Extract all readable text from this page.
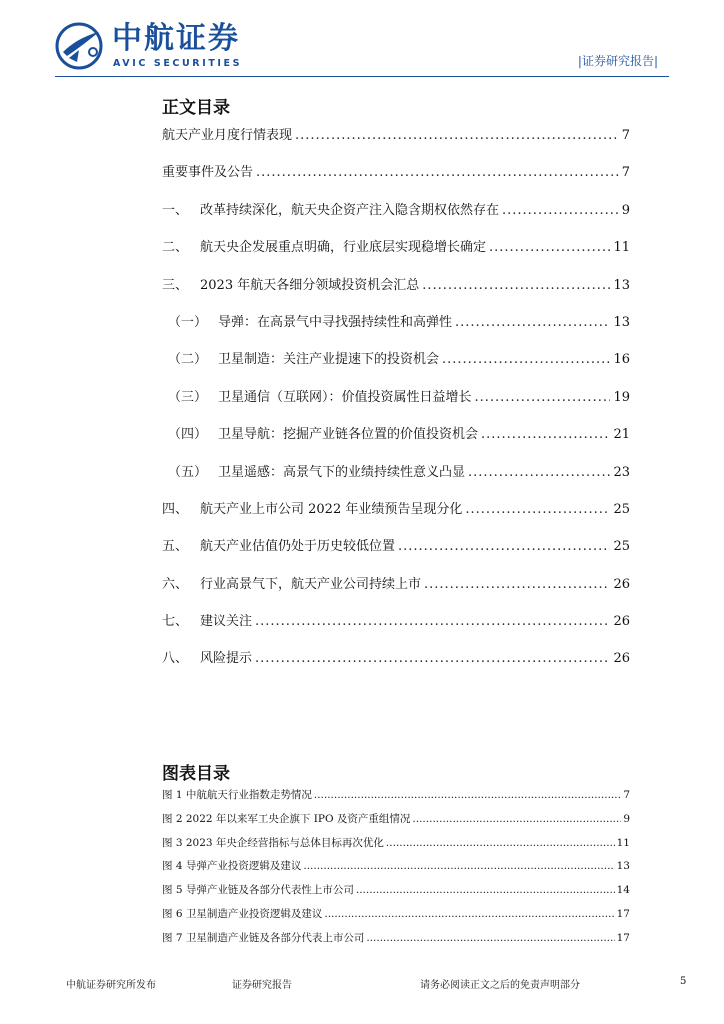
中航证券
AVIC SECURITIES	|证券研究报告|
正文目录
航天产业月度行情表现 .....	7
重要事件及公告 .....	7
一、 改革持续深化，航天央企资产注入隐含期权依然存在 .....	9
二、 航天央企发展重点明确，行业底层实现稳增长确定 .....	11
三、 2023 年航天各细分领域投资机会汇总 .....	13
（一） 导弹：在高景气中寻找强持续性和高弹性 .....	13
（二） 卫星制造：关注产业提速下的投资机会 .....	16
（三） 卫星通信（互联网）：价值投资属性日益增长 .....	19
（四） 卫星导航：挖掘产业链各位置的价值投资机会 .....	21
（五） 卫星遥感：高景气下的业绩持续性意义凸显 .....	23
四、 航天产业上市公司 2022 年业绩预告呈现分化 .....	25
五、 航天产业估值仍处于历史较低位置 .....	25
六、 行业高景气下，航天产业公司持续上市 .....	26
七、 建议关注 .....	26
八、 风险提示 .....	26
图表目录
图 1 中航航天行业指数走势情况 .....	7
图 2 2022 年以来军工央企旗下 IPO 及资产重组情况 .....	9
图 3 2023 年央企经营指标与总体目标再次优化 .....	11
图 4 导弹产业投资逻辑及建议 .....	13
图 5 导弹产业链及各部分代表性上市公司 .....	14
图 6 卫星制造产业投资逻辑及建议 .....	17
图 7 卫星制造产业链及各部分代表上市公司 .....	17
中航证券研究所发布	证券研究报告	请务必阅读正文之后的免责声明部分	5
